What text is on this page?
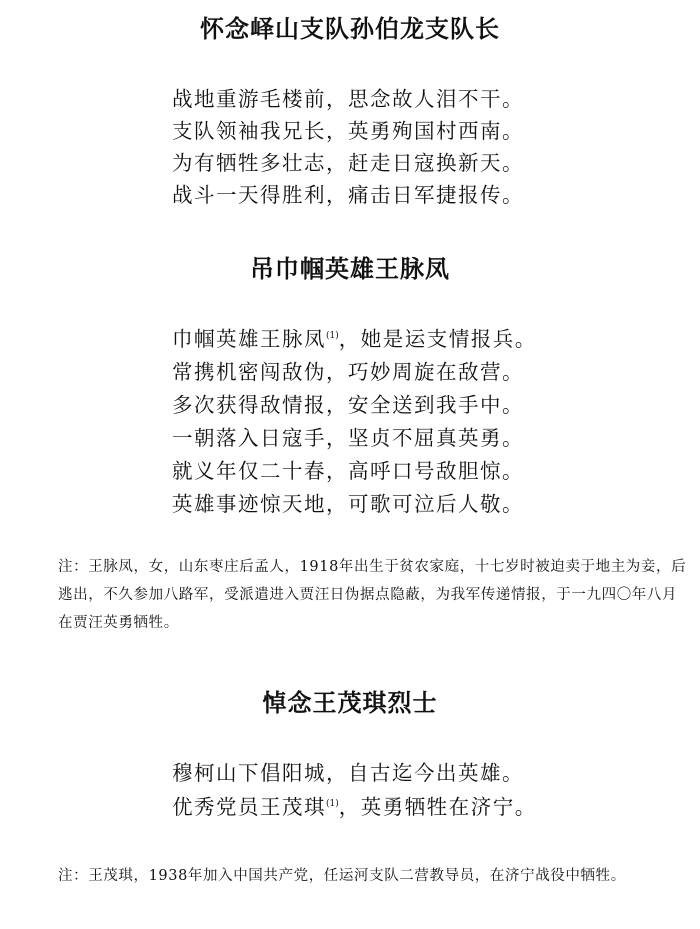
怀念峄山支队孙伯龙支队长
战地重游毛楼前，思念故人泪不干。
支队领袖我兄长，英勇殉国村西南。
为有牺牲多壮志，赶走日寇换新天。
战斗一天得胜利，痛击日军捷报传。
吊巾帼英雄王脉凤
巾帼英雄王脉凤$^{(1)}$，她是运支情报兵。
常携机密闯敌伪，巧妙周旋在敌营。
多次获得敌情报，安全送到我手中。
一朝落入日寇手，坚贞不屈真英勇。
就义年仅二十春，高呼口号敌胆惊。
英雄事迹惊天地，可歌可泣后人敬。

注：王脉凤，女，山东枣庄后孟人，1918年出生于贫农家庭，十七岁时被迫卖于地主为妾，后逃出，不久参加八路军，受派遣进入贾汪日伪据点隐蔽，为我军传递情报，于一九四〇年八月在贾汪英勇牺牲。

悼念王茂琪烈士
穆柯山下倡阳城，自古迄今出英雄。
优秀党员王茂琪$^{(1)}$，英勇牺牲在济宁。

注：王茂琪，1938年加入中国共产党，任运河支队二营教导员，在济宁战役中牺牲。
